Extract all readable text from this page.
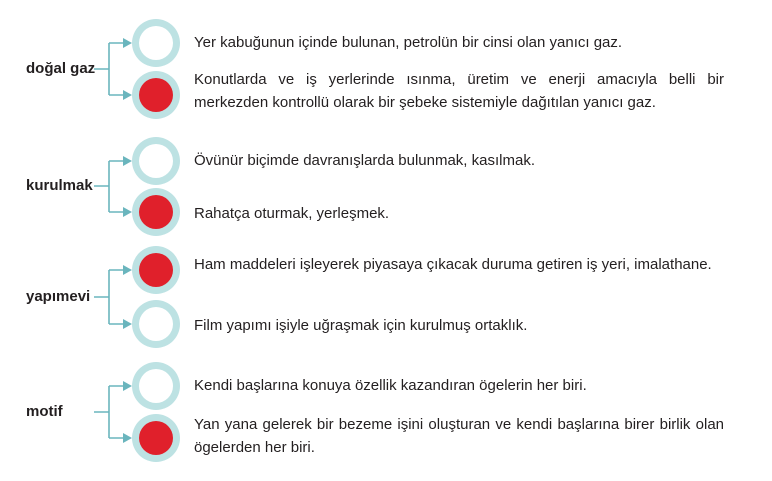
doğal gaz
Yer kabuğunun içinde bulunan, petrolün bir cinsi olan yanıcı gaz.
Konutlarda ve iş yerlerinde ısınma, üretim ve enerji amacıyla belli bir merkezden kontrollü olarak bir şebeke sistemiyle dağıtılan yanıcı gaz.
kurulmak
Övünür biçimde davranışlarda bulunmak, kasılmak.
Rahatça oturmak, yerleşmek.
yapımevi
Ham maddeleri işleyerek piyasaya çıkacak duruma getiren iş yeri, imalathane.
Film yapımı işiyle uğraşmak için kurulmuş ortaklık.
motif
Kendi başlarına konuya özellik kazandıran ögelerin her biri.
Yan yana gelerek bir bezeme işini oluşturan ve kendi başlarına birer birlik olan ögelerden her biri.
